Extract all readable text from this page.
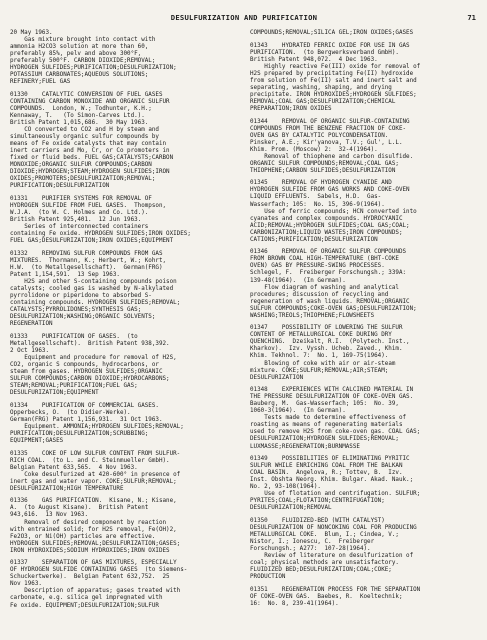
DESULFURIZATION AND PURIFICATION	71

20 May 1963.
Gas mixture brought into contact with
ammonia H2CO3 solution at more than 60,
preferably 85%, pelv and above 300°F,
preferably 500°F. CARBON DIOXIDE;REMOVAL;
HYDROGEN SULFIDES;PURIFICATION;DESULFURIZATION;
POTASSIUM CARBONATES;AQUEOUS SOLUTIONS;
REFINERY;FUEL GAS

01330    CATALYTIC CONVERSION OF FUEL GASES
CONTAINING CARBON MONOXIDE AND ORGANIC SULFUR
COMPOUNDS.  London, W.; Todhunter, K.H.;
Kennaway, T.   (To Simon-Carves Ltd.).
British Patent 1,015,686.  30 May 1963.
CO converted to CO2 and H by steam and
simultaneously organic sulfur compounds by
means of Fe oxide catalysts that may contain
inert carriers and Mo, Cr, or Co promoters in
fixed or fluid beds. FUEL GAS;CATALYSTS;CARBON
MONOXIDE;ORGANIC SULFUR COMPOUNDS;CARBON
DIOXIDE;HYDROGEN;STEAM;HYDROGEN SULFIDES;IRON
OXIDES;PROMOTERS;DESULFURIZATION;REMOVAL;
PURIFICATION;DESULFURIZATION

01331    PURIFIER SYSTEMS FOR REMOVAL OF
HYDROGEN SULFIDE FROM FUEL GASES.  Thompson,
W.J.A.  (to W. C. Holmes and Co. Ltd.).
British Patent 925,401.  12 Jun 1963.
Series of interconnected containers
containing Fe oxide. HYDROGEN SULFIDES;IRON OXIDES;
FUEL GAS;DESULFURIZATION;IRON OXIDES;EQUIPMENT

01332    REMOVING SULFUR COMPOUNDS FROM GAS
MIXTURES.  Thormann, K.; Herbert, W.; Kohrt,
H.W.  (to Metallgesellschaft).  German(FRG)
Patent 1,154,591.  13 Sep 1963.
H2S and other S-containing compounds poison
catalysts; cooled gas is washed by N-alkylated
pyrrolidone or piperidone to absorbed S-
containing compounds. HYDROGEN SULFIDES;REMOVAL;
CATALYSTS;PYRROLIDONES;SYNTHESIS GAS;
DESULFURIZATION;WASHING;ORGANIC SOLVENTS;
REGENERATION

01333    PURIFICATION OF GASES.  (to
Metallgesellschaft).  British Patent 938,392.
2 Oct 1963.
Equipment and procedure for removal of H2S,
CO2, organic S compounds, hydrocarbons, or
steam from gases. HYDROGEN SULFIDES;ORGANIC
SULFUR COMPOUNDS;CARBON DIOXIDE;HYDROCARBONS;
STEAM;REMOVAL;PURIFICATION;FUEL GAS;
DESULFURIZATION;EQUIPMENT

01334    PURIFICATION OF COMMERCIAL GASES.
Opperbecks, O.  (to Didier-Werke).
German(FRG) Patent 1,156,931.  31 Oct 1963.
Equipment. AMMONIA;HYDROGEN SULFIDES;REMOVAL;
PURIFICATION;DESULFURIZATION;SCRUBBING;
EQUIPMENT;GASES

01335    COKE OF LOW SULFUR CONTENT FROM SULFUR-
RICH COAL.  (to L. and C. Steinmueller GmbH).
Belgian Patent 633,565.  4 Nov 1963.
Coke desulfurized at 420-600° in presence of
inert gas and water vapor. COKE;SULFUR;REMOVAL;
DESULFURIZATION;HIGH TEMPERATURE

01336    GAS PURIFICATION.  Kisane, N.; Kisane,
A.  (to August Kisane).  British Patent
943,616.  13 Nov 1963.
Removal of desired component by reaction
with entrained solid; for H2S removal, Fe(OH)2,
Fe2O3, or Ni(OH) particles are effective.
HYDROGEN SULFIDES;REMOVAL;DESULFURIZATION;GASES;
IRON HYDROXIDES;SODIUM HYDROXIDES;IRON OXIDES

01337    SEPARATION OF GAS MIXTURES, ESPECIALLY
OF HYDROGEN SULFIDE CONTAINING GASES  (to Siemens-
Schuckertwerke).  Belgian Patent 632,752.  25
Nov 1963.
Description of apparatus; gases treated with
carbonate, e.g. silica gel impregnated with
Fe oxide. EQUIPMENT;DESULFURIZATION;SULFUR

COMPOUNDS;REMOVAL;SILICA GEL;IRON OXIDES;GASES

01343    HYDRATED FERRIC OXIDE FOR USE IN GAS
PURIFICATION.  (to Bergwerksverband GmbH).
British Patent 948,072.  4 Dec 1963.
Highly reactive Fe(III) oxide for removal of
H2S prepared by precipitating Fe(II) hydroxide
from solution of Fe(II) salt and inert salt and
separating, washing, shaping, and drying
precipitate. IRON HYDROXIDES;HYDROGEN SULFIDES;
REMOVAL;COAL GAS;DESULFURIZATION;CHEMICAL
PREPARATION;IRON OXIDES

01344    REMOVAL OF ORGANIC SULFUR-CONTAINING
COMPOUNDS FROM THE BENZENE FRACTION OF COKE-
OVEN GAS BY CATALYTIC POLYCONDENSATION.
Pinsker, A.E.; Kir'yanova, T.V.; Gul', L.L.
Khim. Prom. (Moscow) 2:  32-4(1964).
Removal of thiophene and carbon disulfide.
ORGANIC SULFUR COMPOUNDS;REMOVAL;COAL GAS;
THIOPHENE;CARBON SULFIDES;DESULFURIZATION

01345    REMOVAL OF HYDROGEN CYANIDE AND
HYDROGEN SULFIDE FROM GAS WORKS AND COKE-OVEN
LIQUID EFFLUENTS.  Sabels, H.D.  Gas-
Wasserfach; 105:  No. 15, 396-9(1964).
Use of ferric compounds; HCN converted into
cyanates and complex compounds. HYDROCYANIC
ACID;REMOVAL;HYDROGEN SULFIDES;COAL GAS;COAL;
CARBONIZATION;LIQUID WASTES;IRON COMPOUNDS;
CATIONS;PURIFICATION;DESULFURIZATION

01346    REMOVAL OF ORGANIC SULFUR COMPOUNDS
FROM BROWN COAL HIGH-TEMPERATURE (BHT-COKE
OVEN) GAS BY PRESSURE-SWING PROCESSES.
Schlegel, F.  Freiberger Forschungsh.; 339A:
139-48(1964).  (In German).
Flow diagram of washing and analytical
procedures; discussion of recycling and
regeneration of wash liquids. REMOVAL;ORGANIC
SULFUR COMPOUNDS;COKE-OVEN GAS;DESULFURIZATION;
WASHING;TREOLS;THIOPHENE;FLOWSHEETS

01347    POSSIBILITY OF LOWERING THE SULFUR
CONTENT OF METALLURGICAL COKE DURING DRY
QUENCHING.  Dzeikalt, R.I.  (Polytech. Inst.,
Kharkov).  Izv. Vyssh. Ucheb. Zaved., Khim.
Khim. Tekhnol. 7:  No. 1, 169-75(1964).
Blowing of coke with air or air-steam
mixture. COKE;SULFUR;REMOVAL;AIR;STEAM;
DESULFURIZATION

01348    EXPERIENCES WITH CALCINED MATERIAL IN
THE PRESSURE DESULFURIZATION OF COKE-OVEN GAS.
Bauberg, M.  Gas-Wasserfach; 105:  No. 39,
1060-3(1964).  (In German).
Tests made to determine effectiveness of
roasting as means of regenerating materials
used to remove H2S from coke-oven gas. COAL GAS;
DESULFURIZATION;HYDROGEN SULFIDES;REMOVAL;
LUXMASSE;REGENERATION;BURNMASSE

01349    POSSIBILITIES OF ELIMINATING PYRITIC
SULFUR WHILE ENRICHING COAL FROM THE BALKAN
COAL BASIN.  Angelova, R.; Tottev, B.  Izv.
Inst. Obshta Neorg. Khim. Bulgar. Akad. Nauk.;
No. 2, 93-108(1964).
Use of flotation and centrifugation. SULFUR;
PYRITES;COAL;FLOTATION;CENTRIFUGATION;
DESULFURIZATION;REMOVAL

01350    FLUIDIZED-BED (WITH CATALYST)
DESULFURIZATION OF NONCOKING COAL FOR PRODUCING
METALLURGICAL COKE.  Blum, I.; Cindea, V.;
Nistor, I.; Ionescu, C.  Freiberger
Forschungsh.; A277:  107-28(1964).
Review of literature on desulfurization of
coal; physical methods are unsatisfactory.
FLUIDIZED BED;DESULFURIZATION;COAL;COKE;
PRODUCTION

01351    REGENERATION PROCESS FOR THE SEPARATION
OF COKE-OVEN GAS.  Baebes, R.  Koeltechnik;
16:  No. 8, 239-41(1964).
